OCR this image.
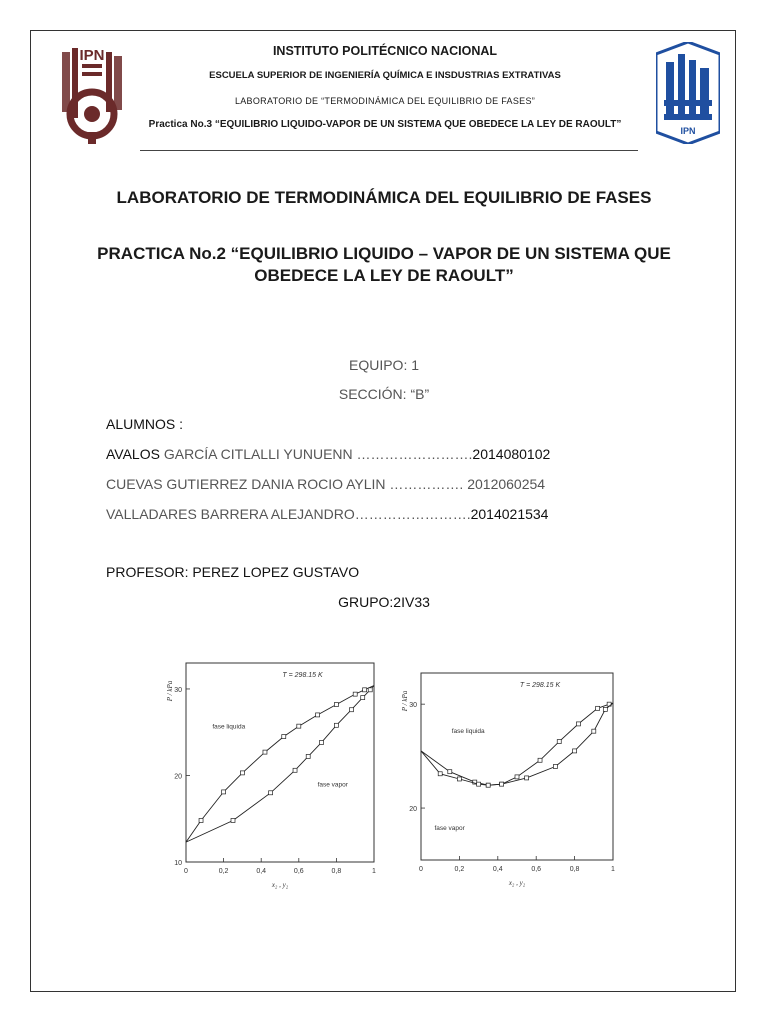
IPN
IPN
INSTITUTO POLITÉCNICO NACIONAL
ESCUELA SUPERIOR DE INGENIERÍA QUÍMICA E INSDUSTRIAS EXTRATIVAS
LABORATORIO DE “TERMODINÁMICA DEL EQUILIBRIO DE FASES”
Practica No.3 “EQUILIBRIO LIQUIDO-VAPOR DE UN SISTEMA QUE OBEDECE LA LEY DE RAOULT”
LABORATORIO DE TERMODINÁMICA DEL EQUILIBRIO DE FASES
PRACTICA No.2 “EQUILIBRIO LIQUIDO – VAPOR DE UN SISTEMA QUE OBEDECE LA LEY DE RAOULT”
EQUIPO: 1
SECCIÓN: “B”
ALUMNOS :
AVALOS GARCÍA CITLALLI YUNUENN …………………….2014080102
CUEVAS GUTIERREZ DANIA ROCIO AYLIN ……………. 2012060254
VALLADARES BARRERA ALEJANDRO…………………….2014021534
PROFESOR: PEREZ LOPEZ GUSTAVO
GRUPO:2IV33
0	0,2	0,4	0,6	0,8	1
10
20
30
x₂ , y₂
P / kPa
T = 298.15 K
fase liquida
fase vapor
0	0,2	0,4	0,6	0,8	1
20
30
x₂ , y₂
P / kPa
T = 298.15 K
fase liquida
fase vapor
